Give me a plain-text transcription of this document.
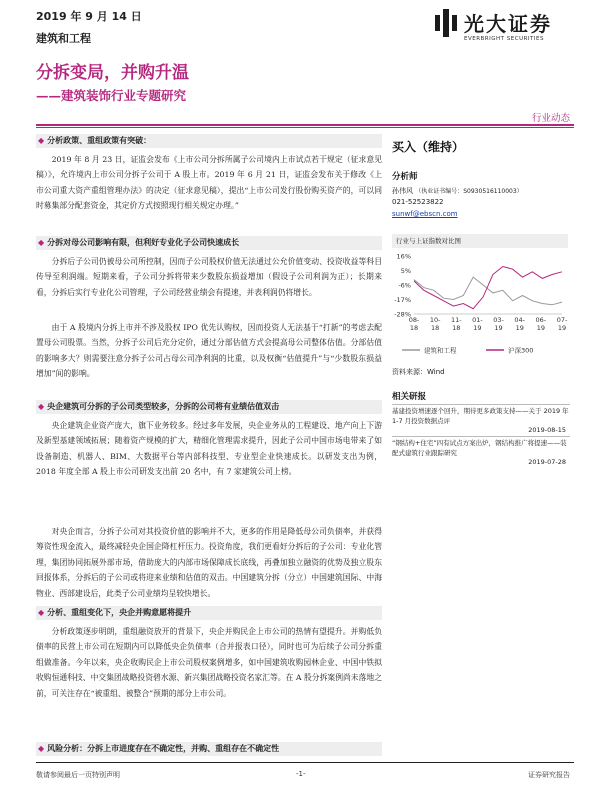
2019 年 9 月 14 日
建筑和工程
光大证券
EVERBRIGHT SECURITIES
分拆变局，并购升温
——建筑装饰行业专题研究
行业动态
◆ 分析政策、重组政策有突破：
2019 年 8 月 23 日，证监会发布《上市公司分拆所属子公司境内上市试点若干规定（征求意见稿）》，允许境内上市公司分拆子公司于 A 股上市。2019 年 6 月 21 日，证监会发布关于修改《上市公司重大资产重组管理办法》的决定（征求意见稿），提出“上市公司发行股份购买资产的，可以同时募集部分配套资金，其定价方式按照现行相关规定办理。”
◆ 分拆对母公司影响有限，但利好专业化子公司快速成长
分拆后子公司仍被母公司所控制，因而子公司股权价值无法通过公允价值变动、投资收益等科目传导至利润端。短期来看，子公司分拆将带来少数股东损益增加（假设子公司利润为正）；长期来看，分拆后实行专业化公司管理，子公司经营业绩会有提速，并表利润仍将增长。
由于 A 股境内分拆上市并不涉及股权 IPO 优先认购权，因而投资人无法基于“打新”的考虑去配置母公司股票。当然，分拆子公司后充分定价，通过分部估值方式会提高母公司整体估值。分部估值的影响多大？则需要注意分拆子公司占母公司净利润的比重，以及权衡“估值提升”与“少数股东损益增加”间的影响。
◆ 央企建筑可分拆的子公司类型较多，分拆的公司将有业绩估值双击
央企建筑企业资产庞大，旗下业务较多。经过多年发展，央企业务从的工程建设、地产向上下游及新型基建领域拓展；随着资产规模的扩大，精细化管理需求提升，因此子公司中国市场电带来了如设备制造、机器人、BIM、大数据平台等内部科技型、专业型企业快速成长。以研发支出为例，2018 年度全部 A 股上市公司研发支出前 20 名中，有 7 家建筑公司上榜。
对央企而言，分拆子公司对其投资价值的影响并不大，更多的作用是降低母公司负债率，并获得筹资性现金流入，最终减轻央企国企降杠杆压力。投资角度，我们更看好分拆后的子公司：专业化管理，集团协同拓展外部市场，借助庞大的内部市场保障成长底线，再叠加独立融资的优势及独立股东回报体系，分拆后的子公司或将迎来业绩和估值的双击。中国建筑分拆（分立）中国建筑国际、中海物业、西部建设后，此类子公司业绩均呈较快增长。
◆ 分析、重组变化下，央企并购意愿将提升
分析政策逐步明朗，重组融资放开的背景下，央企并购民企上市公司的热情有望提升。并购低负债率的民营上市公司在短期内可以降低央企负债率（合并报表口径），同时也可为后续子公司分拆重组做准备。今年以来，央企收购民企上市公司股权案例增多，如中国建筑收购园林企业、中国中铁拟收购恒通科技、中交集团战略投资碧水源、新兴集团战略投资名家汇等。在 A 股分拆案例尚未落地之前，可关注存在“被重组、被整合”预期的部分上市公司。
◆ 风险分析：分拆上市进度存在不确定性，并购、重组存在不确定性
买入（维持）
分析师
孙伟风 （执业证书编号：S0930516110003）
021-52523822
sunwf@ebscn.com
行业与上证指数对比图
16%
5%
-6%
-17%
-28%
08-18
10-18
11-18
01-19
03-19
04-19
06-19
07-19
建筑和工程	沪深300
资料来源：Wind
相关研报
基建投资增速逐个回升，期待更多政策支持——关于 2019 年 1-7 月投资数据点评
2019-08-15
“钢结构+住宅”四有试点方案出炉，钢结构推广将提速——装配式建筑行业跟踪研究
2019-07-28
敬请参阅最后一页特别声明	-1-	证券研究报告
